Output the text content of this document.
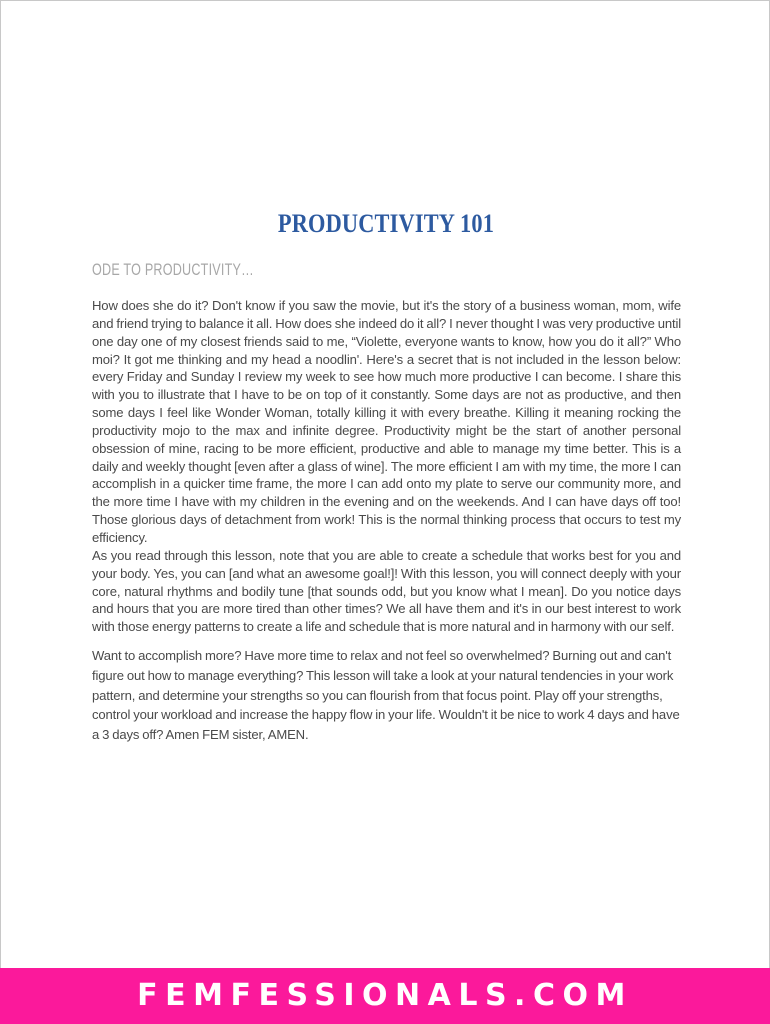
PRODUCTIVITY 101
ODE TO PRODUCTIVITY…

How does she do it? Don't know if you saw the movie, but it's the story of a business woman, mom, wife and friend trying to balance it all. How does she indeed do it all? I never thought I was very productive until one day one of my closest friends said to me, “Violette, everyone wants to know, how you do it all?” Who moi? It got me thinking and my head a noodlin'. Here's a secret that is not included in the lesson below: every Friday and Sunday I review my week to see how much more productive I can become. I share this with you to illustrate that I have to be on top of it constantly. Some days are not as productive, and then some days I feel like Wonder Woman, totally killing it with every breathe. Killing it meaning rocking the productivity mojo to the max and infinite degree. Productivity might be the start of another personal obsession of mine, racing to be more efficient, productive and able to manage my time better. This is a daily and weekly thought [even after a glass of wine]. The more efficient I am with my time, the more I can accomplish in a quicker time frame, the more I can add onto my plate to serve our community more, and the more time I have with my children in the evening and on the weekends. And I can have days off too! Those glorious days of detachment from work! This is the normal thinking process that occurs to test my efficiency.

As you read through this lesson, note that you are able to create a schedule that works best for you and your body. Yes, you can [and what an awesome goal!]! With this lesson, you will connect deeply with your core, natural rhythms and bodily tune [that sounds odd, but you know what I mean]. Do you notice days and hours that you are more tired than other times? We all have them and it's in our best interest to work with those energy patterns to create a life and schedule that is more natural and in harmony with our self.

Want to accomplish more? Have more time to relax and not feel so overwhelmed? Burning out and can't figure out how to manage everything? This lesson will take a look at your natural tendencies in your work pattern, and determine your strengths so you can flourish from that focus point. Play off your strengths, control your workload and increase the happy flow in your life. Wouldn't it be nice to work 4 days and have a 3 days off? Amen FEM sister, AMEN.

FEMFESSIONALS.COM
